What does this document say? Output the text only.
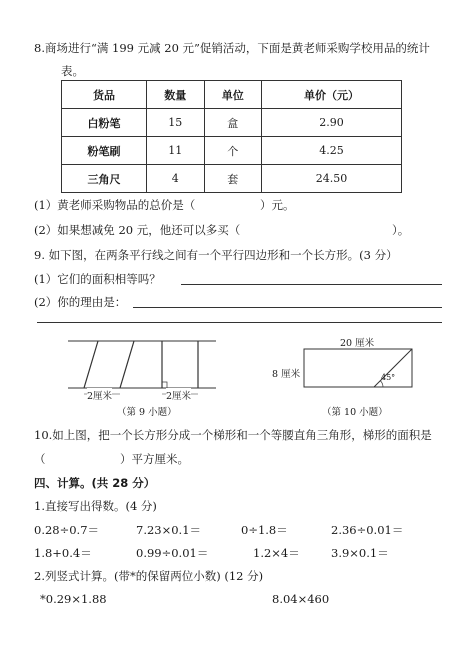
8.商场进行“满 199 元减 20 元”促销活动，下面是黄老师采购学校用品的统计
表。
货品	数量	单位	单价（元）
白粉笔	15	盒	2.90
粉笔刷	11	个	4.25
三角尺	4	套	24.50
(1）黄老师采购物品的总价是（	）元。
(2）如果想减免 20 元，他还可以多买（	）。
9. 如下图，在两条平行线之间有一个平行四边形和一个长方形。(3 分）
(1）它们的面积相等吗？
(2）你的理由是：
2厘米	2厘米
（第 9 小题）
20 厘米
8 厘米	45°
（第 10 小题）
10.如上图，把一个长方形分成一个梯形和一个等腰直角三角形，梯形的面积是
（	）平方厘米。
四、计算。(共 28 分）
1.直接写出得数。(4 分)
0.28÷0.7＝	7.23×0.1＝	0÷1.8＝	2.36÷0.01＝
1.8+0.4＝	0.99÷0.01＝	1.2×4＝	3.9×0.1＝
2.列竖式计算。(带*的保留两位小数) (12 分)
*0.29×1.88	8.04×460
